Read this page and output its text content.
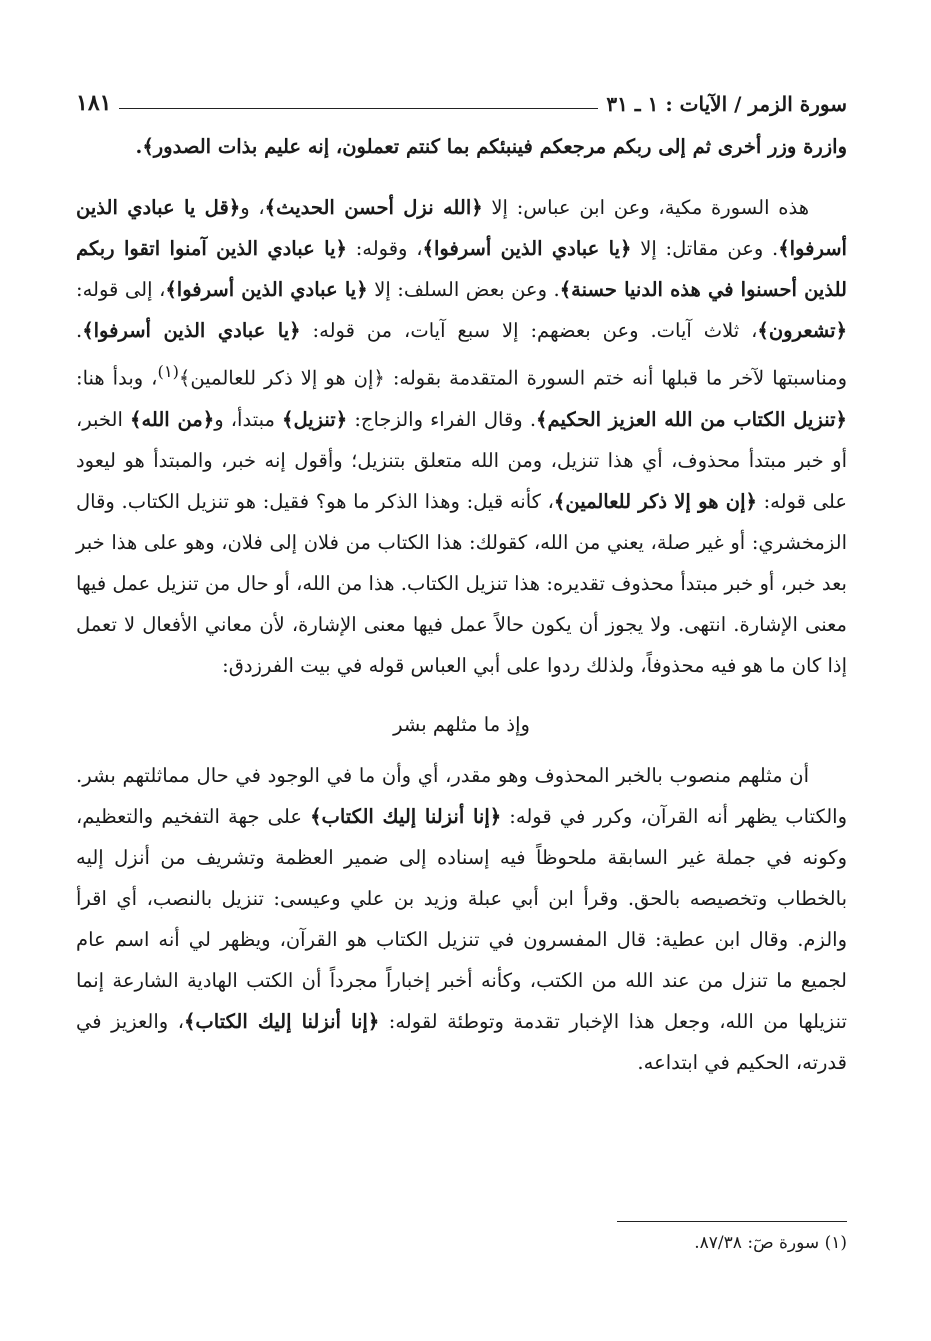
سورة الزمر / الآيات : ١ ـ ٣١
١٨١

وازرة وزر أخرى ثم إلى ربكم مرجعكم فينبئكم بما كنتم تعملون، إنه عليم بذات الصدور﴾.

هذه السورة مكية، وعن ابن عباس: إلا ﴿الله نزل أحسن الحديث﴾، و﴿قل يا عبادي الذين أسرفوا﴾. وعن مقاتل: إلا ﴿يا عبادي الذين أسرفوا﴾، وقوله: ﴿يا عبادي الذين آمنوا اتقوا ربكم للذين أحسنوا في هذه الدنيا حسنة﴾. وعن بعض السلف: إلا ﴿يا عبادي الذين أسرفوا﴾، إلى قوله: ﴿تشعرون﴾، ثلاث آيات. وعن بعضهم: إلا سبع آيات، من قوله: ﴿يا عبادي الذين أسرفوا﴾. ومناسبتها لآخر ما قبلها أنه ختم السورة المتقدمة بقوله: ﴿إن هو إلا ذكر للعالمين﴾$^{(١)}$، وبدأ هنا: ﴿تنزيل الكتاب من الله العزيز الحكيم﴾. وقال الفراء والزجاج: ﴿تنزيل﴾ مبتدأ، و﴿من الله﴾ الخبر، أو خبر مبتدأ محذوف، أي هذا تنزيل، ومن الله متعلق بتنزيل؛ وأقول إنه خبر، والمبتدأ هو ليعود على قوله: ﴿إن هو إلا ذكر للعالمين﴾، كأنه قيل: وهذا الذكر ما هو؟ فقيل: هو تنزيل الكتاب. وقال الزمخشري: أو غير صلة، يعني من الله، كقولك: هذا الكتاب من فلان إلى فلان، وهو على هذا خبر بعد خبر، أو خبر مبتدأ محذوف تقديره: هذا تنزيل الكتاب. هذا من الله، أو حال من تنزيل عمل فيها معنى الإشارة. انتهى. ولا يجوز أن يكون حالاً عمل فيها معنى الإشارة، لأن معاني الأفعال لا تعمل إذا كان ما هو فيه محذوفاً، ولذلك ردوا على أبي العباس قوله في بيت الفرزدق:

وإذ ما مثلهم بشر

أن مثلهم منصوب بالخبر المحذوف وهو مقدر، أي وأن ما في الوجود في حال مماثلتهم بشر. والكتاب يظهر أنه القرآن، وكرر في قوله: ﴿إنا أنزلنا إليك الكتاب﴾ على جهة التفخيم والتعظيم، وكونه في جملة غير السابقة ملحوظاً فيه إسناده إلى ضمير العظمة وتشريف من أنزل إليه بالخطاب وتخصيصه بالحق. وقرأ ابن أبي عبلة وزيد بن علي وعيسى: تنزيل بالنصب، أي اقرأ والزم. وقال ابن عطية: قال المفسرون في تنزيل الكتاب هو القرآن، ويظهر لي أنه اسم عام لجميع ما تنزل من عند الله من الكتب، وكأنه أخبر إخباراً مجرداً أن الكتب الهادية الشارعة إنما تنزيلها من الله، وجعل هذا الإخبار تقدمة وتوطئة لقوله: ﴿إنا أنزلنا إليك الكتاب﴾، والعزيز في قدرته، الحكيم في ابتداعه.

(١) سورة صٓ: ٨٧/٣٨.
